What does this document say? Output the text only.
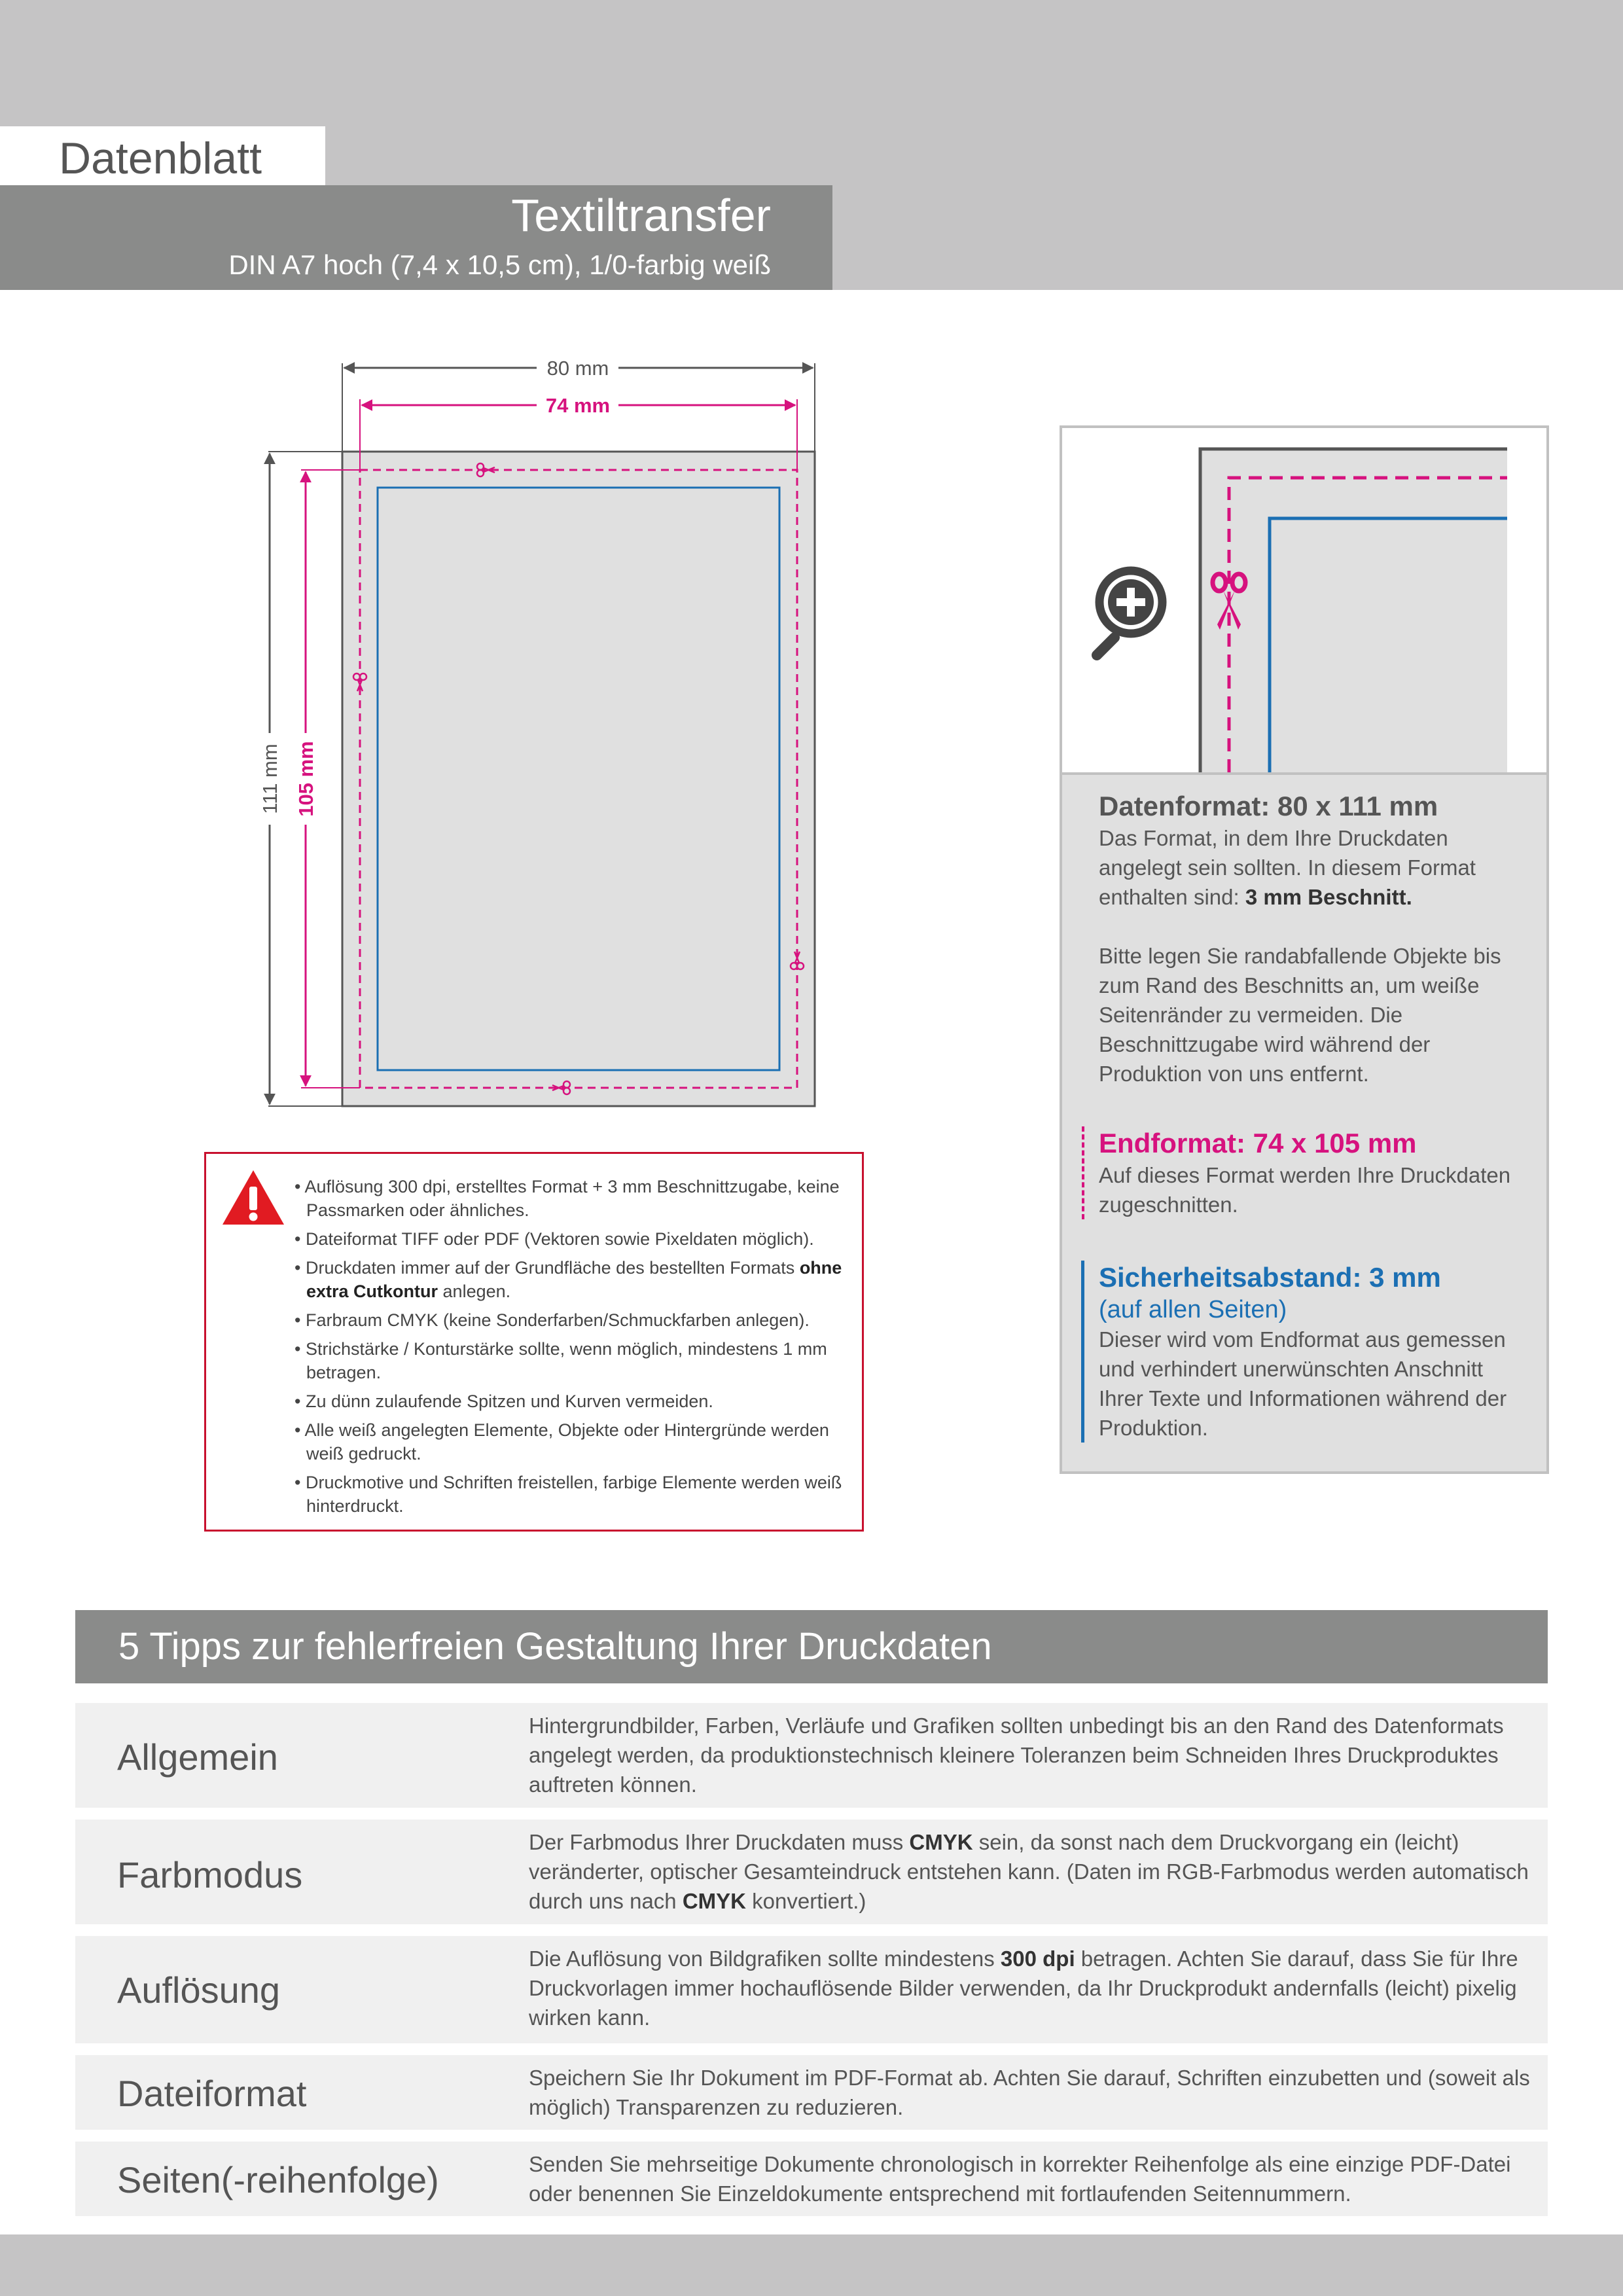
Datenblatt
Textiltransfer
DIN A7 hoch (7,4 x 10,5 cm), 1/0-farbig weiß
80 mm
74 mm
111 mm 105 mm
• Auflösung 300 dpi, erstelltes Format + 3 mm Beschnittzugabe, keine Passmarken oder ähnliches.
• Dateiformat TIFF oder PDF (Vektoren sowie Pixeldaten möglich).
• Druckdaten immer auf der Grundfläche des bestellten Formats ohne extra Cutkontur anlegen.
• Farbraum CMYK (keine Sonderfarben/Schmuckfarben anlegen).
• Strichstärke / Konturstärke sollte, wenn möglich, mindestens 1 mm betragen.
• Zu dünn zulaufende Spitzen und Kurven vermeiden.
• Alle weiß angelegten Elemente, Objekte oder Hintergründe werden weiß gedruckt.
• Druckmotive und Schriften freistellen, farbige Elemente werden weiß hinterdruckt.
Datenformat: 80 x 111 mm
Das Format, in dem Ihre Druckdaten angelegt sein sollten. In diesem Format enthalten sind: 3 mm Beschnitt.
Bitte legen Sie randabfallende Objekte bis zum Rand des Beschnitts an, um weiße Seitenränder zu vermeiden. Die Beschnittzugabe wird während der Produktion von uns entfernt.
Endformat: 74 x 105 mm
Auf dieses Format werden Ihre Druckdaten zugeschnitten.
Sicherheitsabstand: 3 mm
(auf allen Seiten)
Dieser wird vom Endformat aus gemessen und verhindert unerwünschten Anschnitt Ihrer Texte und Informationen während der Produktion.
5 Tipps zur fehlerfreien Gestaltung Ihrer Druckdaten
Allgemein
Hintergrundbilder, Farben, Verläufe und Grafiken sollten unbedingt bis an den Rand des Datenformats angelegt werden, da produktionstechnisch kleinere Toleranzen beim Schneiden Ihres Druckproduktes auftreten können.
Farbmodus
Der Farbmodus Ihrer Druckdaten muss CMYK sein, da sonst nach dem Druckvorgang ein (leicht) veränderter, optischer Gesamteindruck entstehen kann. (Daten im RGB-Farbmodus werden automatisch durch uns nach CMYK konvertiert.)
Auflösung
Die Auflösung von Bildgrafiken sollte mindestens 300 dpi betragen. Achten Sie darauf, dass Sie für Ihre Druckvorlagen immer hochauflösende Bilder verwenden, da Ihr Druckprodukt andernfalls (leicht) pixelig wirken kann.
Dateiformat	Speichern Sie Ihr Dokument im PDF-Format ab. Achten Sie darauf, Schriften einzubetten und (soweit als möglich) Transparenzen zu reduzieren.
Seiten(-reihenfolge)	Senden Sie mehrseitige Dokumente chronologisch in korrekter Reihenfolge als eine einzige PDF-Datei oder benennen Sie Einzeldokumente entsprechend mit fortlaufenden Seitennummern.
